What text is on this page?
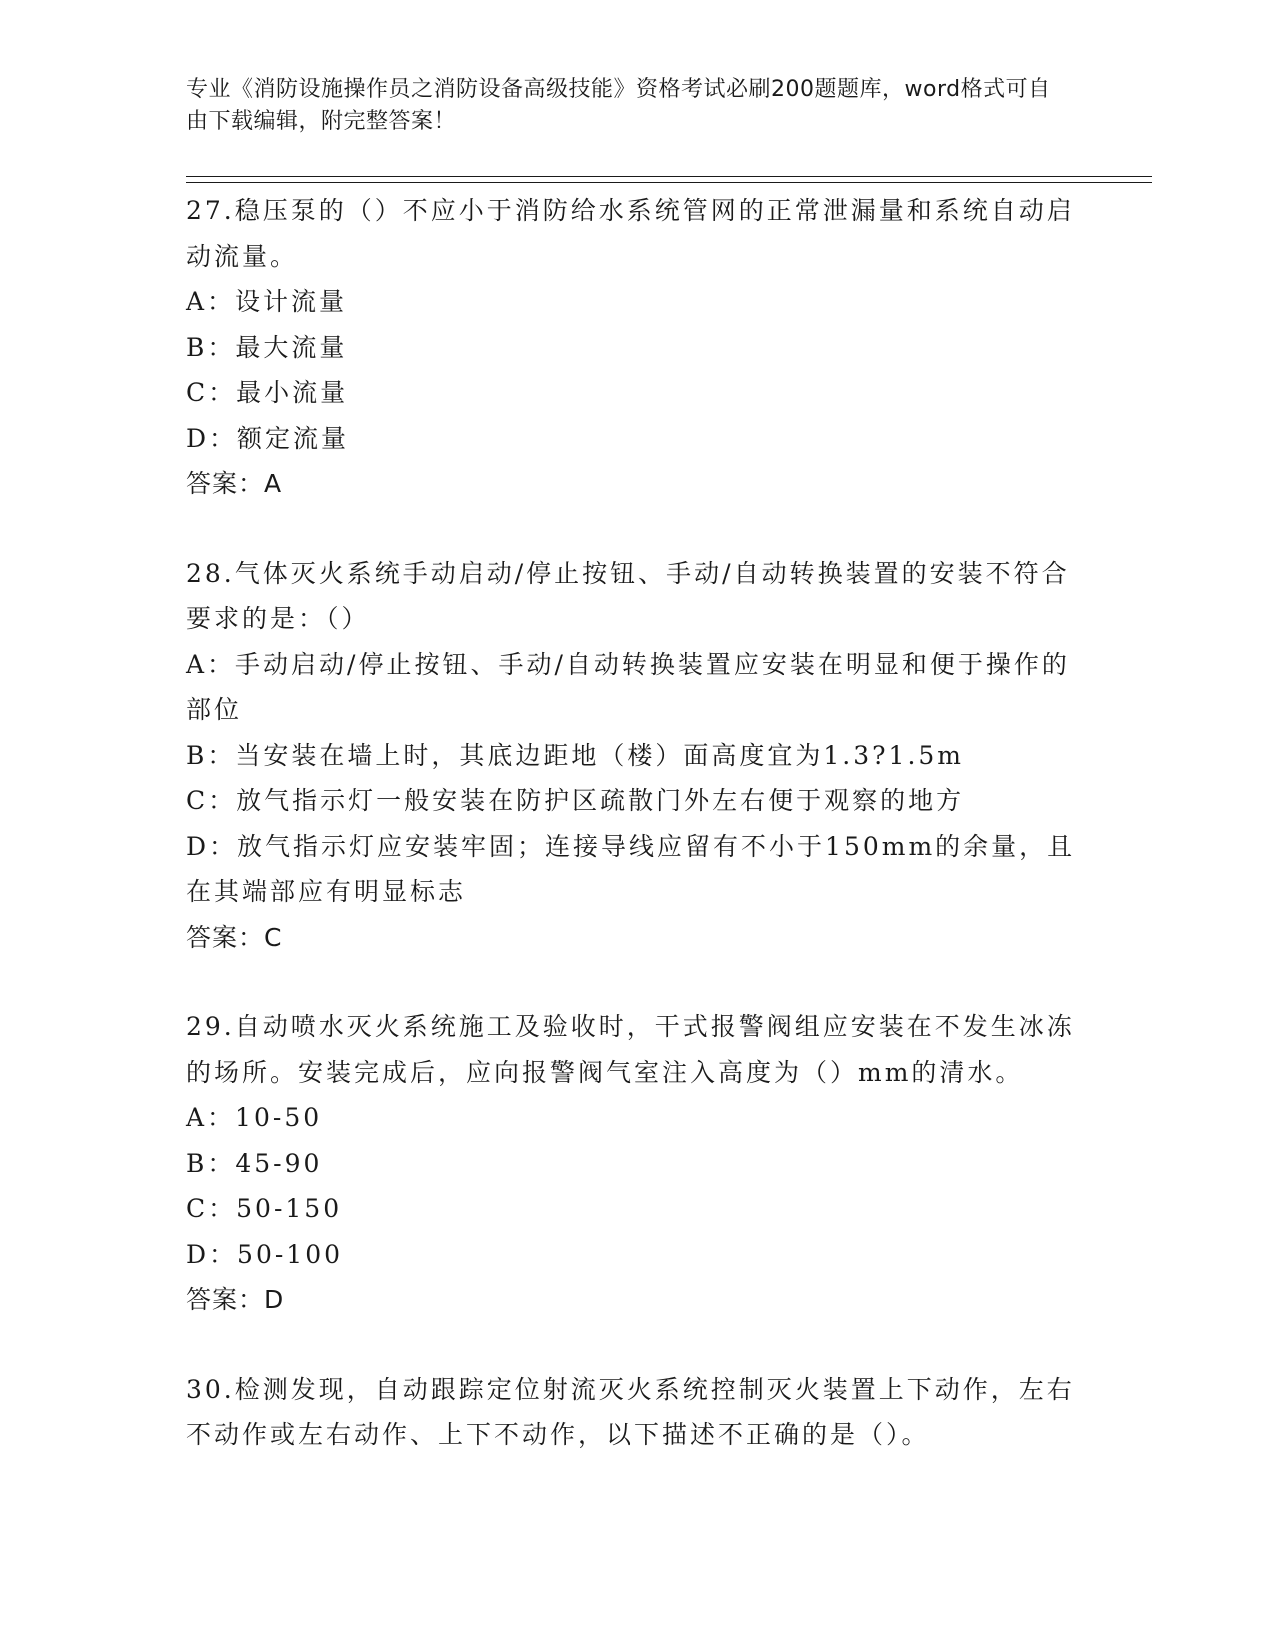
专业《消防设施操作员之消防设备高级技能》资格考试必刷200题题库，word格式可自由下载编辑，附完整答案！

27.稳压泵的（）不应小于消防给水系统管网的正常泄漏量和系统自动启动流量。

A：设计流量

B：最大流量

C：最小流量

D：额定流量

答案：A

28.气体灭火系统手动启动/停止按钮、手动/自动转换装置的安装不符合要求的是：（）

A：手动启动/停止按钮、手动/自动转换装置应安装在明显和便于操作的部位

B：当安装在墙上时，其底边距地（楼）面高度宜为1.3?1.5m

C：放气指示灯一般安装在防护区疏散门外左右便于观察的地方

D：放气指示灯应安装牢固；连接导线应留有不小于150mm的余量，且在其端部应有明显标志

答案：C

29.自动喷水灭火系统施工及验收时，干式报警阀组应安装在不发生冰冻的场所。安装完成后，应向报警阀气室注入高度为（）mm的清水。

A：10-50

B：45-90

C：50-150

D：50-100

答案：D

30.检测发现，自动跟踪定位射流灭火系统控制灭火装置上下动作，左右不动作或左右动作、上下不动作，以下描述不正确的是（）。
